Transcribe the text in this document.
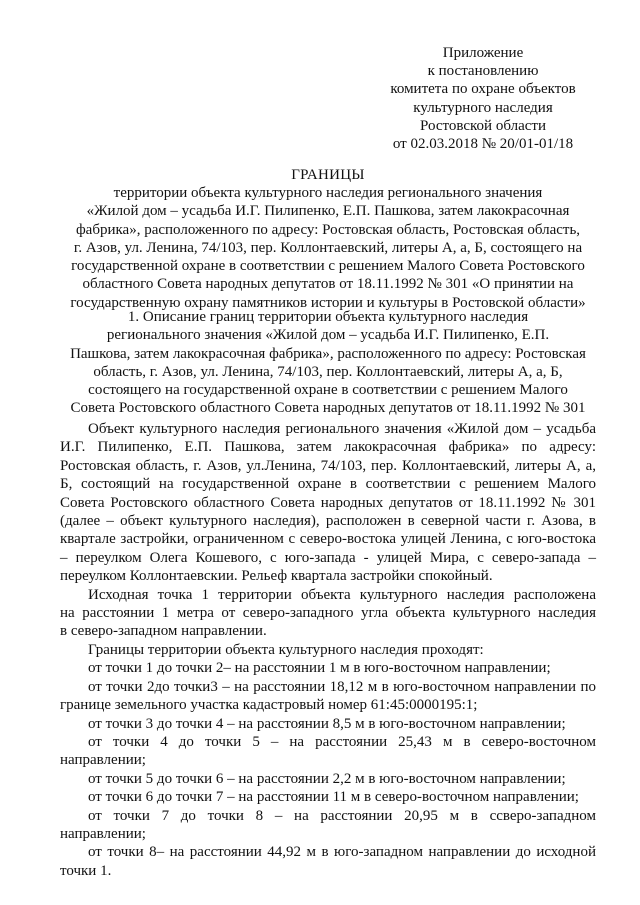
Приложение
к постановлению
комитета по охране объектов
культурного наследия
Ростовской области
от 02.03.2018 № 20/01-01/18
ГРАНИЦЫ
территории объекта культурного наследия регионального значения
«Жилой дом – усадьба И.Г. Пилипенко, Е.П. Пашкова, затем лакокрасочная
фабрика», расположенного по адресу: Ростовская область, Ростовская область,
г. Азов, ул. Ленина, 74/103, пер. Коллонтаевский, литеры А, а, Б, состоящего на
государственной охране в соответствии с решением Малого Совета Ростовского
областного Совета народных депутатов от 18.11.1992 № 301 «О принятии на
государственную охрану памятников истории и культуры в Ростовской области»
1. Описание границ территории объекта культурного наследия
регионального значения «Жилой дом – усадьба И.Г. Пилипенко, Е.П.
Пашкова, затем лакокрасочная фабрика», расположенного по адресу: Ростовская
область, г. Азов, ул. Ленина, 74/103, пер. Коллонтаевский, литеры А, а, Б,
состоящего на государственной охране в соответствии с решением Малого
Совета Ростовского областного Совета народных депутатов от 18.11.1992 № 301
Объект культурного наследия регионального значения «Жилой дом – усадьба
И.Г. Пилипенко, Е.П. Пашкова, затем лакокрасочная фабрика» по адресу:
Ростовская область, г. Азов, ул.Ленина, 74/103, пер. Коллонтаевский, литеры А, а,
Б, состоящий на государственной охране в соответствии с решением Малого
Совета Ростовского областного Совета народных депутатов от 18.11.1992 № 301
(далее – объект культурного наследия), расположен в северной части г. Азова, в
квартале застройки, ограниченном с северо-востока улицей Ленина, с юго-востока
– переулком Олега Кошевого, с юго-запада - улицей Мира, с северо-запада –
переулком Коллонтаевскии. Рельеф квартала застройки спокойный.
Исходная точка 1 территории объекта культурного наследия расположена
на расстоянии 1 метра от северо-западного угла объекта культурного наследия
в северо-западном направлении.
Границы территории объекта культурного наследия проходят:
от точки 1 до точки 2– на расстоянии 1 м в юго-восточном направлении;
от точки 2до точки3 – на расстоянии 18,12 м в юго-восточном направлении по
границе земельного участка кадастровый номер 61:45:0000195:1;
от точки 3 до точки 4 – на расстоянии 8,5 м в юго-восточном направлении;
от точки 4 до точки 5 – на расстоянии 25,43 м в северо-восточном
направлении;
от точки 5 до точки 6 – на расстоянии 2,2 м в юго-восточном направлении;
от точки 6 до точки 7 – на расстоянии 11 м в северо-восточном направлении;
от точки 7 до точки 8 – на расстоянии 20,95 м в ссверо-западном
направлении;
от точки 8– на расстоянии 44,92 м в юго-западном направлении до исходной
точки 1.
